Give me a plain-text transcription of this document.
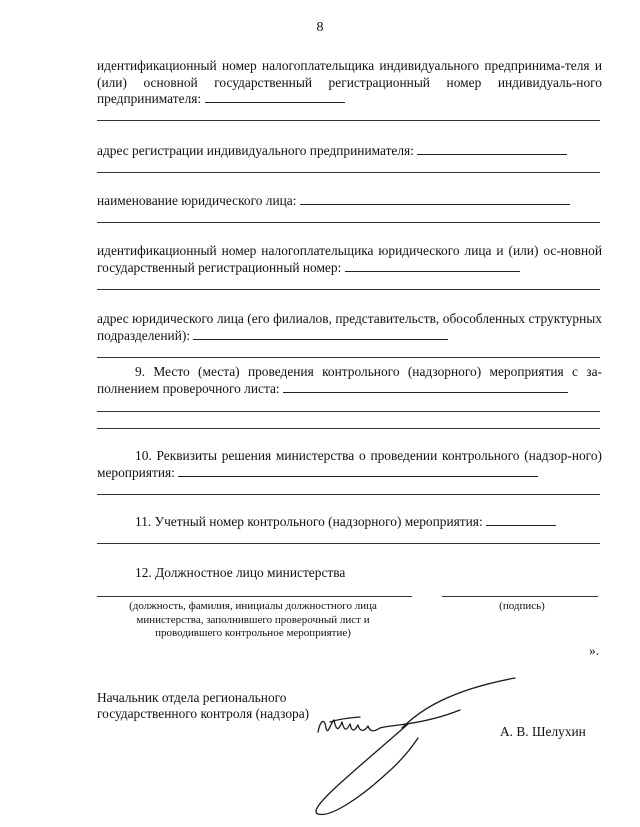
8
идентификационный номер налогоплательщика индивидуального предпринима-теля и (или) основной государственный регистрационный номер индивидуаль-ного предпринимателя:
адрес регистрации индивидуального предпринимателя:
наименование юридического лица:
идентификационный номер налогоплательщика юридического лица и (или) ос-новной государственный регистрационный номер:
адрес юридического лица (его филиалов, представительств, обособленных структурных подразделений):
9. Место (места) проведения контрольного (надзорного) мероприятия с за-полнением проверочного листа:
10. Реквизиты решения министерства о проведении контрольного (надзор-ного) мероприятия:
11. Учетный номер контрольного (надзорного) мероприятия:
12. Должностное лицо министерства
(должность, фамилия, инициалы должностного лица министерства, заполнившего проверочный лист и проводившего контрольное мероприятие)
(подпись)
».
Начальник отдела регионального государственного контроля (надзора)
А. В. Шелухин
